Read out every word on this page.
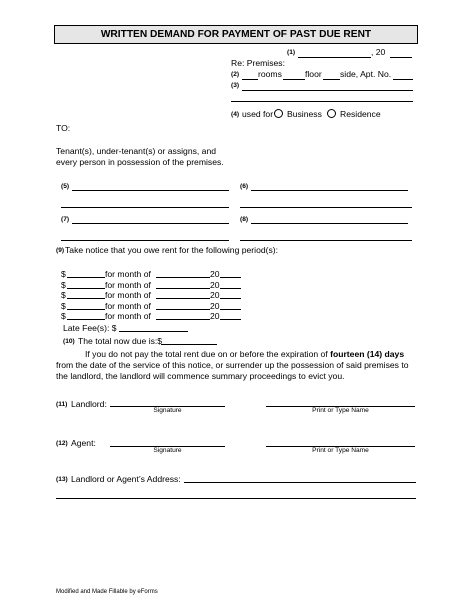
WRITTEN DEMAND FOR PAYMENT OF PAST DUE RENT
(1)	, 20
Re: Premises:
(2) rooms	floor side, Apt. No.
(3)
(4) used for Business Residence
TO:
Tenant(s), under-tenant(s) or assigns, and
every person in possession of the premises.
(5)	(6)
(7)	(8)
(9) Take notice that you owe rent for the following period(s):
$	for month of	20
$	for month of	20
$	for month of	20
$	for month of	20
$	for month of	20
Late Fee(s): $
(10) The total now due is:$
If you do not pay the total rent due on or before the expiration of fourteen (14) days
from the date of the service of this notice, or surrender up the possession of said premises to
the landlord, the landlord will commence summary proceedings to evict you.
(11) Landlord:
Signature	Print or Type Name
(12) Agent:
Signature	Print or Type Name
(13) Landlord or Agent’s Address:
Modified and Made Fillable by eForms
